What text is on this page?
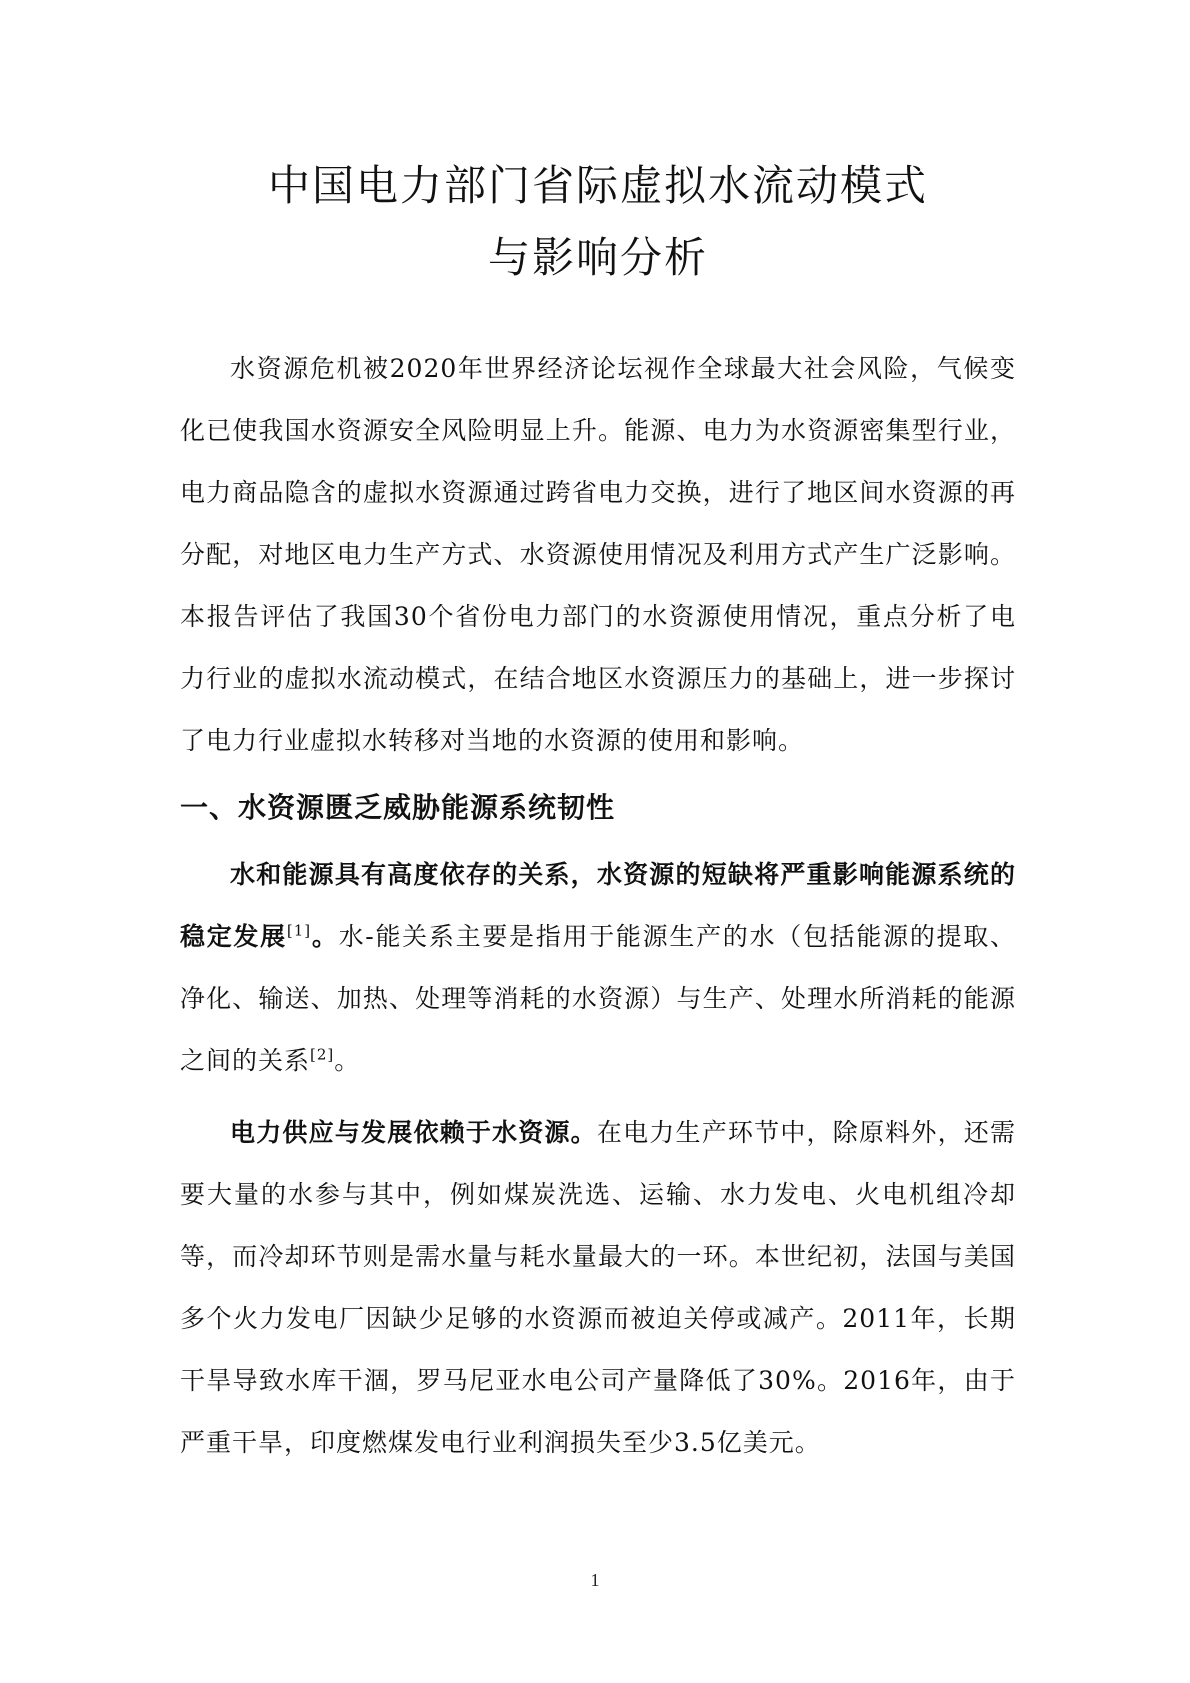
中国电力部门省际虚拟水流动模式
与影响分析

水资源危机被2020年世界经济论坛视作全球最大社会风险，气候变化已使我国水资源安全风险明显上升。能源、电力为水资源密集型行业，电力商品隐含的虚拟水资源通过跨省电力交换，进行了地区间水资源的再分配，对地区电力生产方式、水资源使用情况及利用方式产生广泛影响。本报告评估了我国30个省份电力部门的水资源使用情况，重点分析了电力行业的虚拟水流动模式，在结合地区水资源压力的基础上，进一步探讨了电力行业虚拟水转移对当地的水资源的使用和影响。

一、水资源匮乏威胁能源系统韧性

水和能源具有高度依存的关系，水资源的短缺将严重影响能源系统的稳定发展[1]。水-能关系主要是指用于能源生产的水（包括能源的提取、净化、输送、加热、处理等消耗的水资源）与生产、处理水所消耗的能源之间的关系[2]。

电力供应与发展依赖于水资源。在电力生产环节中，除原料外，还需要大量的水参与其中，例如煤炭洗选、运输、水力发电、火电机组冷却等，而冷却环节则是需水量与耗水量最大的一环。本世纪初，法国与美国多个火力发电厂因缺少足够的水资源而被迫关停或减产。2011年，长期干旱导致水库干涸，罗马尼亚水电公司产量降低了30%。2016年，由于严重干旱，印度燃煤发电行业利润损失至少3.5亿美元。

1
